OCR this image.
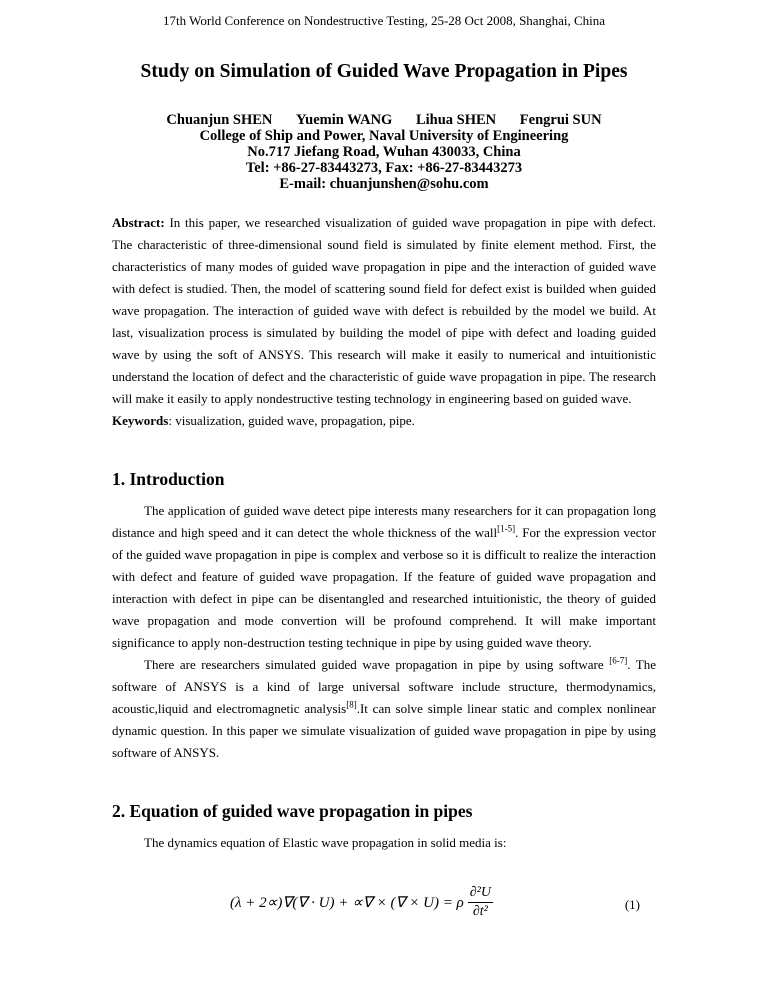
17th World Conference on Nondestructive Testing, 25-28 Oct 2008, Shanghai, China
Study on Simulation of Guided Wave Propagation in Pipes
Chuanjun SHEN Yuemin WANG Lihua SHEN Fengrui SUN
College of Ship and Power, Naval University of Engineering
No.717 Jiefang Road, Wuhan 430033, China
Tel: +86-27-83443273, Fax: +86-27-83443273
E-mail: chuanjunshen@sohu.com
Abstract: In this paper, we researched visualization of guided wave propagation in pipe with defect. The characteristic of three-dimensional sound field is simulated by finite element method. First, the characteristics of many modes of guided wave propagation in pipe and the interaction of guided wave with defect is studied. Then, the model of scattering sound field for defect exist is builded when guided wave propagation. The interaction of guided wave with defect is rebuilded by the model we build. At last, visualization process is simulated by building the model of pipe with defect and loading guided wave by using the soft of ANSYS. This research will make it easily to numerical and intuitionistic understand the location of defect and the characteristic of guide wave propagation in pipe. The research will make it easily to apply nondestructive testing technology in engineering based on guided wave.
Keywords: visualization, guided wave, propagation, pipe.
1. Introduction

The application of guided wave detect pipe interests many researchers for it can propagation long distance and high speed and it can detect the whole thickness of the wall[1-5]. For the expression vector of the guided wave propagation in pipe is complex and verbose so it is difficult to realize the interaction with defect and feature of guided wave propagation. If the feature of guided wave propagation and interaction with defect in pipe can be disentangled and researched intuitionistic, the theory of guided wave propagation and mode convertion will be profound comprehend. It will make important significance to apply non-destruction testing technique in pipe by using guided wave theory.

There are researchers simulated guided wave propagation in pipe by using software [6-7]. The software of ANSYS is a kind of large universal software include structure, thermodynamics, acoustic,liquid and electromagnetic analysis[8].It can solve simple linear static and complex nonlinear dynamic question. In this paper we simulate visualization of guided wave propagation in pipe by using software of ANSYS.

2. Equation of guided wave propagation in pipes

The dynamics equation of Elastic wave propagation in solid media is:

(λ + 2∝)∇(∇ · U) + ∝∇ × (∇ × U) = ρ $\frac{\text{∂²U}}{\text{∂t²}}$	(1)
